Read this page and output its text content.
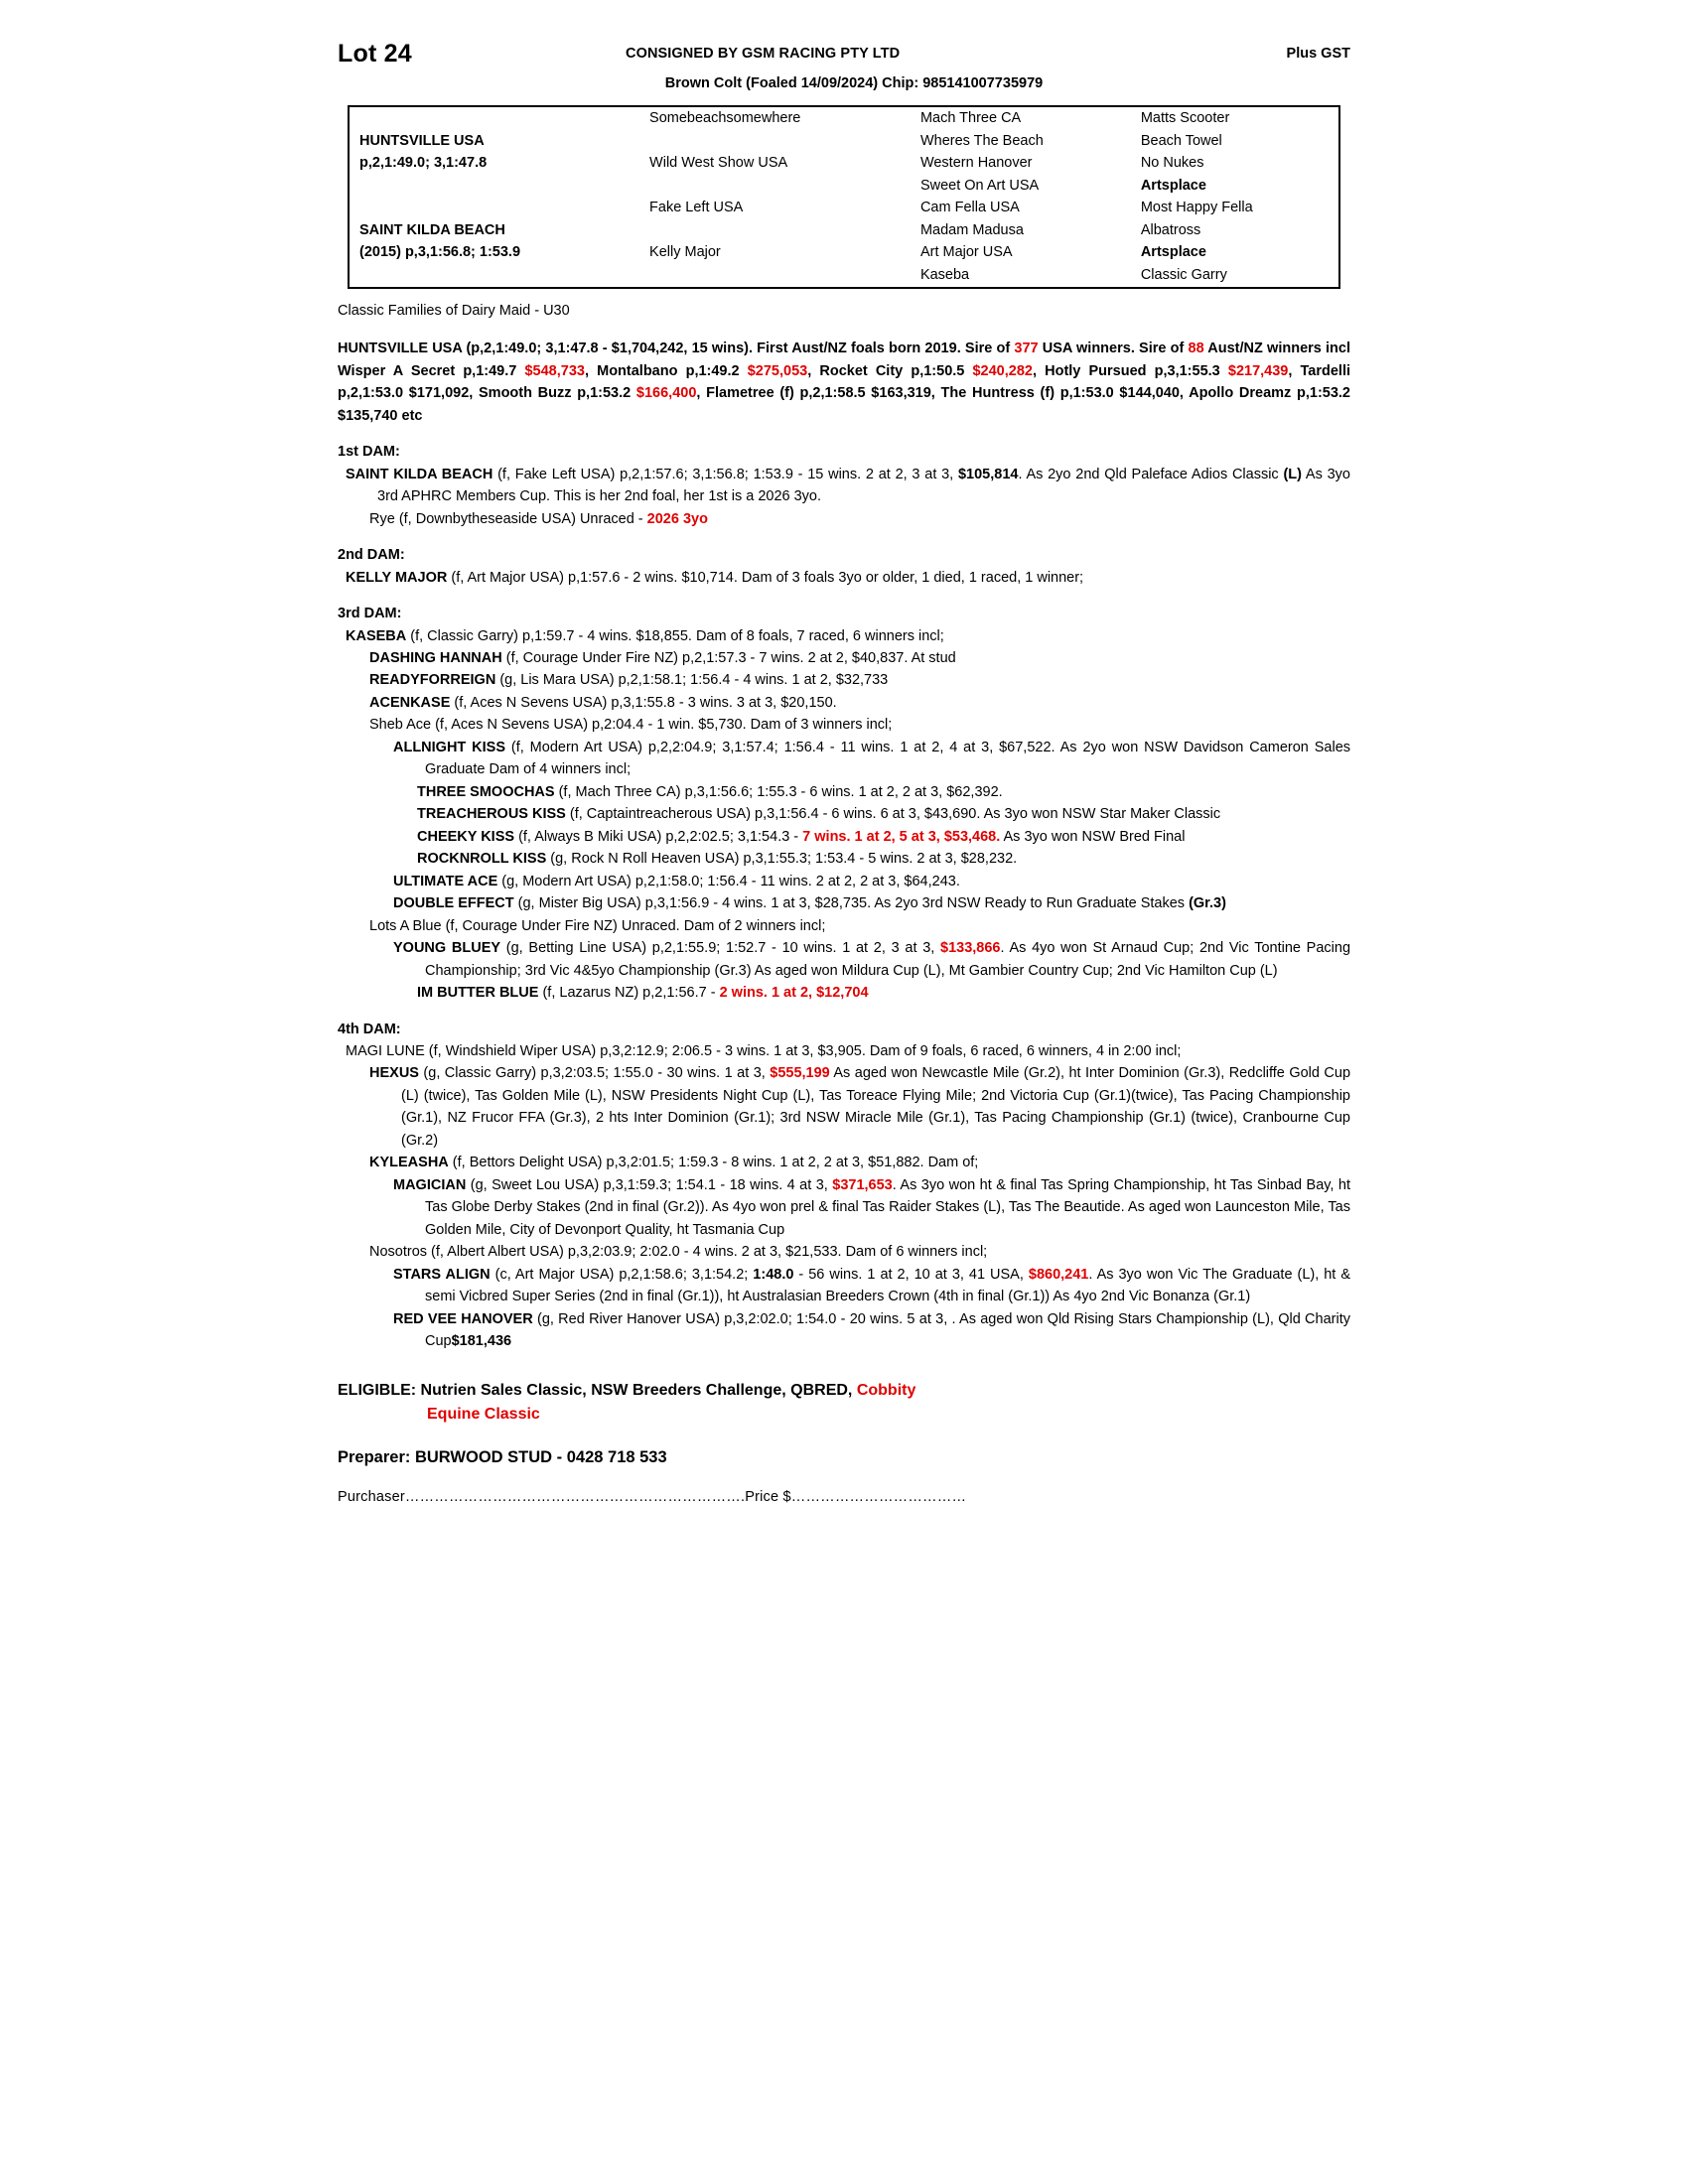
Lot 24	CONSIGNED BY GSM RACING PTY LTD	Plus GST
Brown Colt (Foaled 14/09/2024) Chip: 985141007735979
	Somebeachsomewhere	Mach Three CA	Matts Scooter
HUNTSVILLE USA		Wheres The Beach	Beach Towel
p,2,1:49.0; 3,1:47.8	Wild West Show USA	Western Hanover	No Nukes
		Sweet On Art USA	Artsplace
	Fake Left USA	Cam Fella USA	Most Happy Fella
SAINT KILDA BEACH		Madam Madusa	Albatross
(2015) p,3,1:56.8; 1:53.9	Kelly Major	Art Major USA	Artsplace
		Kaseba	Classic Garry
Classic Families of Dairy Maid - U30
HUNTSVILLE USA (p,2,1:49.0; 3,1:47.8 - $1,704,242, 15 wins). First Aust/NZ foals born 2019. Sire of 377 USA winners. Sire of 88 Aust/NZ winners incl Wisper A Secret p,1:49.7 $548,733, Montalbano p,1:49.2 $275,053, Rocket City p,1:50.5 $240,282, Hotly Pursued p,3,1:55.3 $217,439, Tardelli p,2,1:53.0 $171,092, Smooth Buzz p,1:53.2 $166,400, Flametree (f) p,2,1:58.5 $163,319, The Huntress (f) p,1:53.0 $144,040, Apollo Dreamz p,1:53.2 $135,740 etc
1st DAM:
SAINT KILDA BEACH (f, Fake Left USA) p,2,1:57.6; 3,1:56.8; 1:53.9 - 15 wins. 2 at 2, 3 at 3, $105,814. As 2yo 2nd Qld Paleface Adios Classic (L) As 3yo 3rd APHRC Members Cup. This is her 2nd foal, her 1st is a 2026 3yo.
Rye (f, Downbytheseaside USA) Unraced - 2026 3yo
2nd DAM:
KELLY MAJOR (f, Art Major USA) p,1:57.6 - 2 wins. $10,714. Dam of 3 foals 3yo or older, 1 died, 1 raced, 1 winner;
3rd DAM:
KASEBA (f, Classic Garry) p,1:59.7 - 4 wins. $18,855. Dam of 8 foals, 7 raced, 6 winners incl;
DASHING HANNAH (f, Courage Under Fire NZ) p,2,1:57.3 - 7 wins. 2 at 2, $40,837. At stud
READYFORREIGN (g, Lis Mara USA) p,2,1:58.1; 1:56.4 - 4 wins. 1 at 2, $32,733
ACENKASE (f, Aces N Sevens USA) p,3,1:55.8 - 3 wins. 3 at 3, $20,150.
Sheb Ace (f, Aces N Sevens USA) p,2:04.4 - 1 win. $5,730. Dam of 3 winners incl;
ALLNIGHT KISS (f, Modern Art USA) p,2,2:04.9; 3,1:57.4; 1:56.4 - 11 wins. 1 at 2, 4 at 3, $67,522. As 2yo won NSW Davidson Cameron Sales Graduate Dam of 4 winners incl;
THREE SMOOCHAS (f, Mach Three CA) p,3,1:56.6; 1:55.3 - 6 wins. 1 at 2, 2 at 3, $62,392.
TREACHEROUS KISS (f, Captaintreacherous USA) p,3,1:56.4 - 6 wins. 6 at 3, $43,690. As 3yo won NSW Star Maker Classic
CHEEKY KISS (f, Always B Miki USA) p,2,2:02.5; 3,1:54.3 - 7 wins. 1 at 2, 5 at 3, $53,468. As 3yo won NSW Bred Final
ROCKNROLL KISS (g, Rock N Roll Heaven USA) p,3,1:55.3; 1:53.4 - 5 wins. 2 at 3, $28,232.
ULTIMATE ACE (g, Modern Art USA) p,2,1:58.0; 1:56.4 - 11 wins. 2 at 2, 2 at 3, $64,243.
DOUBLE EFFECT (g, Mister Big USA) p,3,1:56.9 - 4 wins. 1 at 3, $28,735. As 2yo 3rd NSW Ready to Run Graduate Stakes (Gr.3)
Lots A Blue (f, Courage Under Fire NZ) Unraced. Dam of 2 winners incl;
YOUNG BLUEY (g, Betting Line USA) p,2,1:55.9; 1:52.7 - 10 wins. 1 at 2, 3 at 3, $133,866. As 4yo won St Arnaud Cup; 2nd Vic Tontine Pacing Championship; 3rd Vic 4&5yo Championship (Gr.3) As aged won Mildura Cup (L), Mt Gambier Country Cup; 2nd Vic Hamilton Cup (L)
IM BUTTER BLUE (f, Lazarus NZ) p,2,1:56.7 - 2 wins. 1 at 2, $12,704
4th DAM:
MAGI LUNE (f, Windshield Wiper USA) p,3,2:12.9; 2:06.5 - 3 wins. 1 at 3, $3,905. Dam of 9 foals, 6 raced, 6 winners, 4 in 2:00 incl;
HEXUS (g, Classic Garry) p,3,2:03.5; 1:55.0 - 30 wins. 1 at 3, $555,199 As aged won Newcastle Mile (Gr.2), ht Inter Dominion (Gr.3), Redcliffe Gold Cup (L) (twice), Tas Golden Mile (L), NSW Presidents Night Cup (L), Tas Toreace Flying Mile; 2nd Victoria Cup (Gr.1)(twice), Tas Pacing Championship (Gr.1), NZ Frucor FFA (Gr.3), 2 hts Inter Dominion (Gr.1); 3rd NSW Miracle Mile (Gr.1), Tas Pacing Championship (Gr.1) (twice), Cranbourne Cup (Gr.2)
KYLEASHA (f, Bettors Delight USA) p,3,2:01.5; 1:59.3 - 8 wins. 1 at 2, 2 at 3, $51,882. Dam of;
MAGICIAN (g, Sweet Lou USA) p,3,1:59.3; 1:54.1 - 18 wins. 4 at 3, $371,653. As 3yo won ht & final Tas Spring Championship, ht Tas Sinbad Bay, ht Tas Globe Derby Stakes (2nd in final (Gr.2)). As 4yo won prel & final Tas Raider Stakes (L), Tas The Beautide. As aged won Launceston Mile, Tas Golden Mile, City of Devonport Quality, ht Tasmania Cup
Nosotros (f, Albert Albert USA) p,3,2:03.9; 2:02.0 - 4 wins. 2 at 3, $21,533. Dam of 6 winners incl;
STARS ALIGN (c, Art Major USA) p,2,1:58.6; 3,1:54.2; 1:48.0 - 56 wins. 1 at 2, 10 at 3, 41 USA, $860,241. As 3yo won Vic The Graduate (L), ht & semi Vicbred Super Series (2nd in final (Gr.1)), ht Australasian Breeders Crown (4th in final (Gr.1)) As 4yo 2nd Vic Bonanza (Gr.1)
RED VEE HANOVER (g, Red River Hanover USA) p,3,2:02.0; 1:54.0 - 20 wins. 5 at 3, . As aged won Qld Rising Stars Championship (L), Qld Charity Cup$181,436
ELIGIBLE: Nutrien Sales Classic, NSW Breeders Challenge, QBRED, Cobbity
Equine Classic
Preparer: BURWOOD STUD - 0428 718 533
Purchaser…………………………………………………………….Price $………………………………
